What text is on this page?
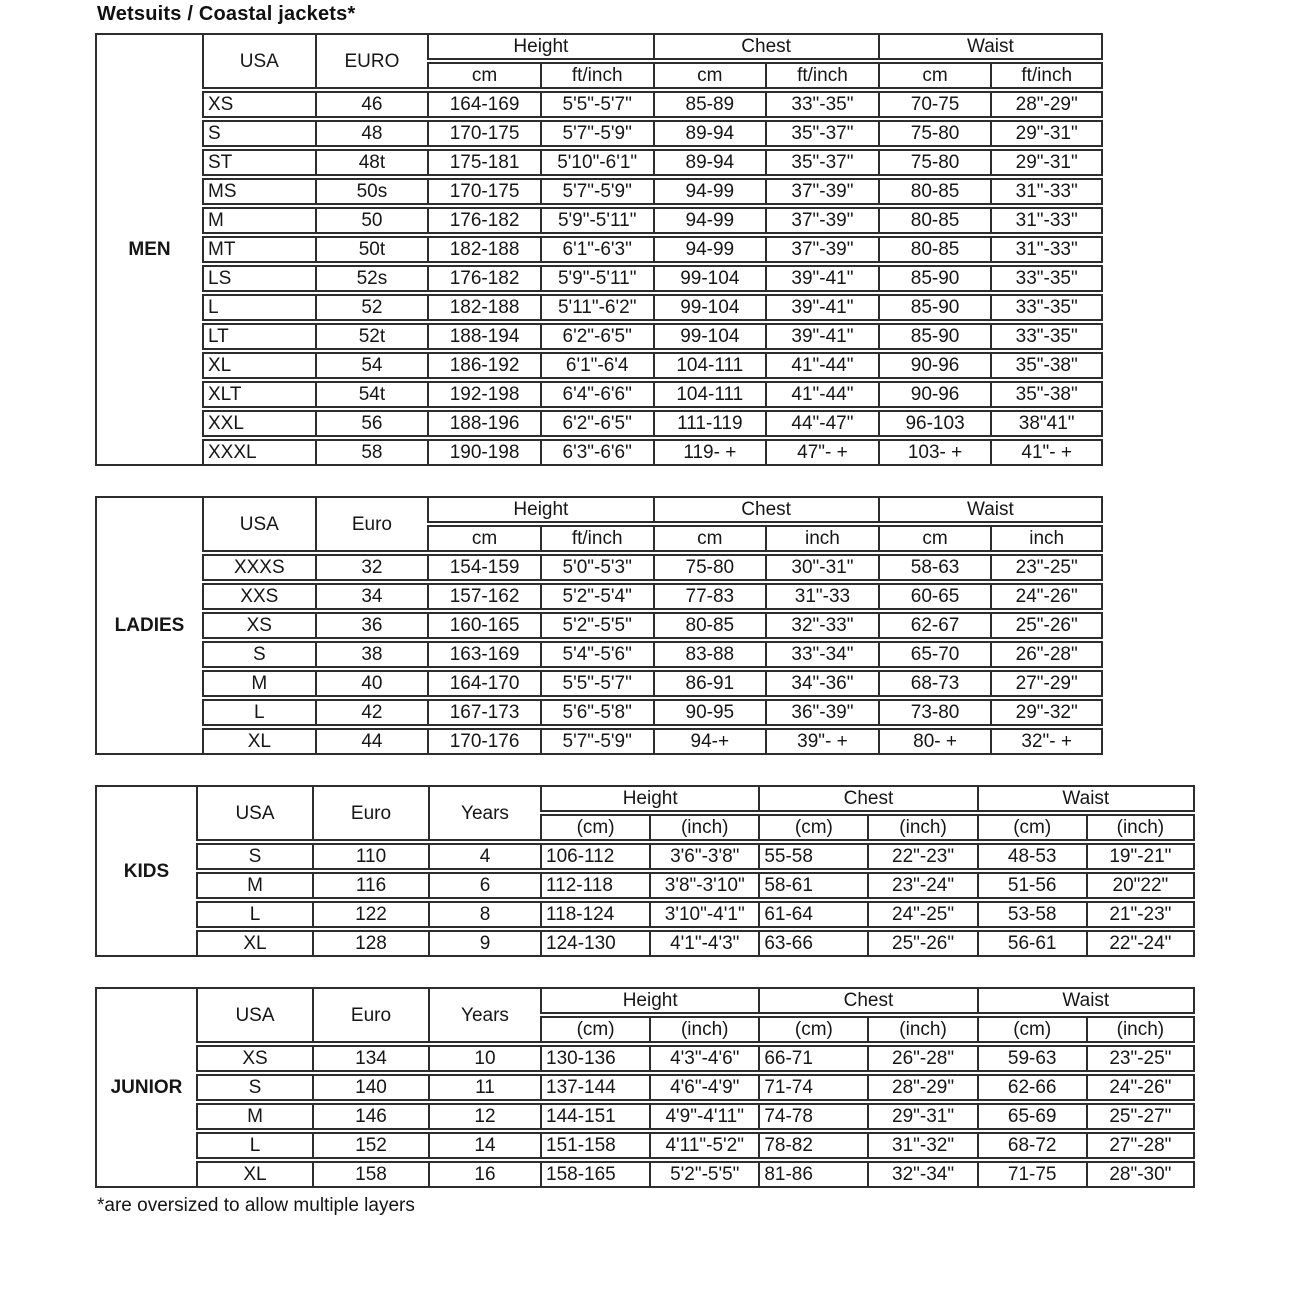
Wetsuits / Coastal jackets*
MEN	USA	EURO	Height		Chest		Waist	
			cm	ft/inch	cm	ft/inch	cm	ft/inch
	XS	46	164-169	5'5"-5'7"	85-89	33"-35"	70-75	28"-29"
	S	48	170-175	5'7"-5'9"	89-94	35"-37"	75-80	29"-31"
	ST	48t	175-181	5'10"-6'1"	89-94	35"-37"	75-80	29"-31"
	MS	50s	170-175	5'7"-5'9"	94-99	37"-39"	80-85	31"-33"
	M	50	176-182	5'9"-5'11"	94-99	37"-39"	80-85	31"-33"
	MT	50t	182-188	6'1"-6'3"	94-99	37"-39"	80-85	31"-33"
	LS	52s	176-182	5'9"-5'11"	99-104	39"-41"	85-90	33"-35"
	L	52	182-188	5'11"-6'2"	99-104	39"-41"	85-90	33"-35"
	LT	52t	188-194	6'2"-6'5"	99-104	39"-41"	85-90	33"-35"
	XL	54	186-192	6'1"-6'4	104-111	41"-44"	90-96	35"-38"
	XLT	54t	192-198	6'4"-6'6"	104-111	41"-44"	90-96	35"-38"
	XXL	56	188-196	6'2"-6'5"	111-119	44"-47"	96-103	38"41"
	XXXL	58	190-198	6'3"-6'6"	119- +	47"- +	103- +	41"- +
LADIES	USA	Euro	Height		Chest		Waist	
			cm	ft/inch	cm	inch	cm	inch
	XXXS	32	154-159	5'0"-5'3"	75-80	30"-31"	58-63	23"-25"
	XXS	34	157-162	5'2"-5'4"	77-83	31"-33	60-65	24"-26"
	XS	36	160-165	5'2"-5'5"	80-85	32"-33"	62-67	25"-26"
	S	38	163-169	5'4"-5'6"	83-88	33"-34"	65-70	26"-28"
	M	40	164-170	5'5"-5'7"	86-91	34"-36"	68-73	27"-29"
	L	42	167-173	5'6"-5'8"	90-95	36"-39"	73-80	29"-32"
	XL	44	170-176	5'7"-5'9"	94-+	39"- +	80- +	32"- +
KIDS	USA	Euro	Years	Height		Chest		Waist	
				(cm)	(inch)	(cm)	(inch)	(cm)	(inch)
	S	110	4	106-112	3'6"-3'8"	55-58	22"-23"	48-53	19"-21"
	M	116	6	112-118	3'8"-3'10"	58-61	23"-24"	51-56	20"22"
	L	122	8	118-124	3'10"-4'1"	61-64	24"-25"	53-58	21"-23"
	XL	128	9	124-130	4'1"-4'3"	63-66	25"-26"	56-61	22"-24"
JUNIOR	USA	Euro	Years	Height		Chest		Waist	
				(cm)	(inch)	(cm)	(inch)	(cm)	(inch)
	XS	134	10	130-136	4'3"-4'6"	66-71	26"-28"	59-63	23"-25"
	S	140	11	137-144	4'6"-4'9"	71-74	28"-29"	62-66	24"-26"
	M	146	12	144-151	4'9"-4'11"	74-78	29"-31"	65-69	25"-27"
	L	152	14	151-158	4'11"-5'2"	78-82	31"-32"	68-72	27"-28"
	XL	158	16	158-165	5'2"-5'5"	81-86	32"-34"	71-75	28"-30"
*are oversized to allow multiple layers
